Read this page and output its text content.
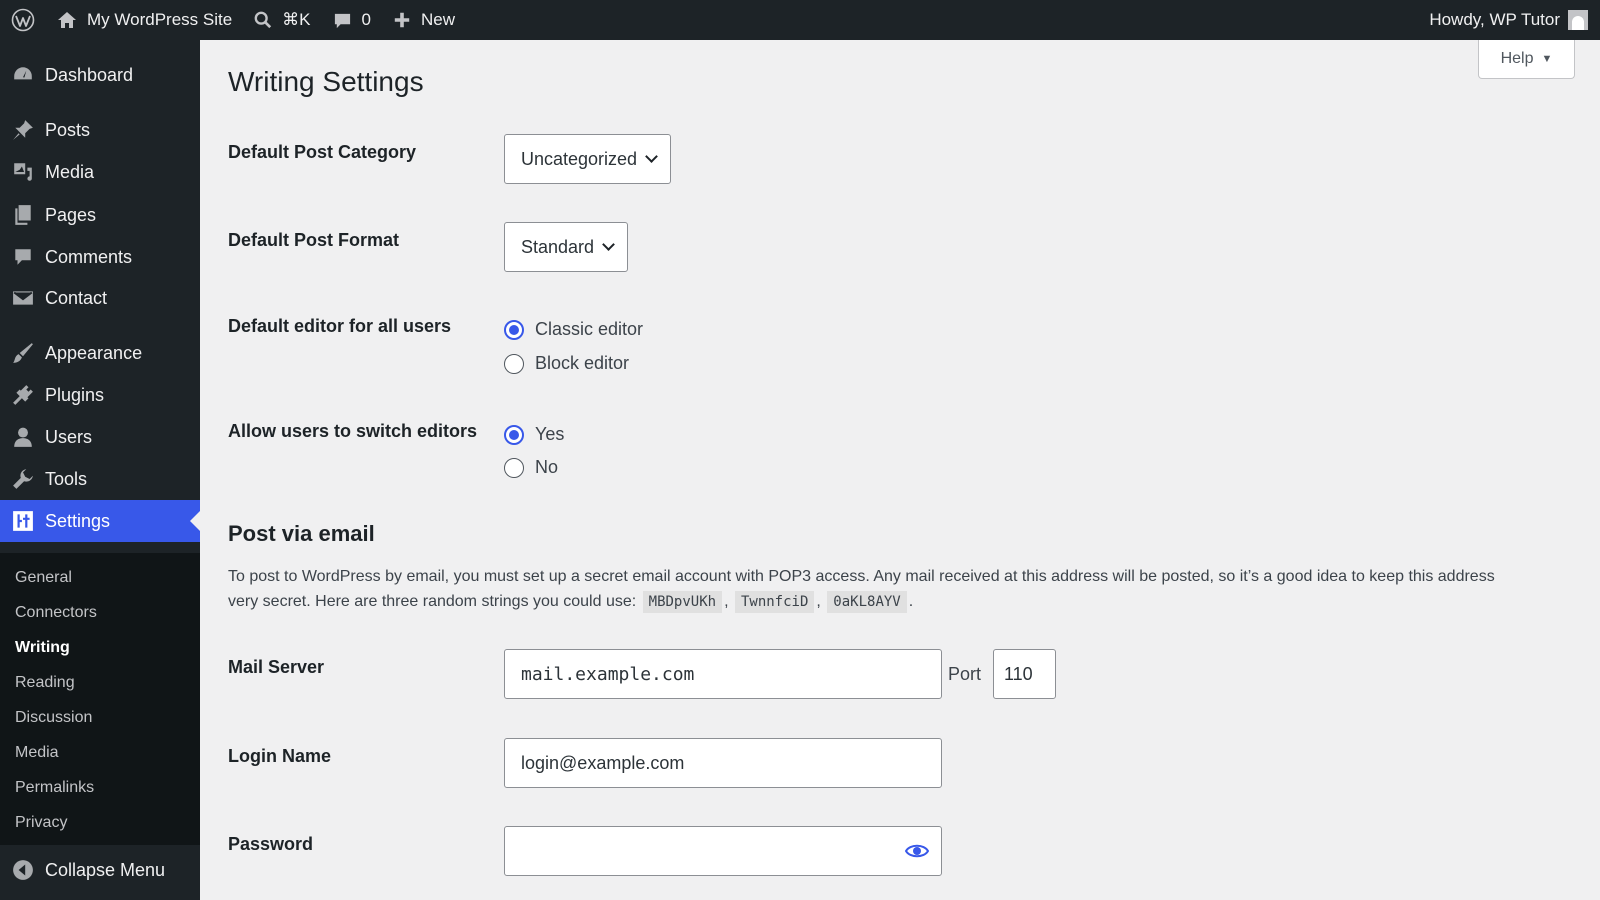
My WordPress Site	⌘K	0	New	Howdy, WP Tutor
Dashboard
Posts
Media
Pages
Comments
Contact
Appearance
Plugins
Users
Tools
Settings
General
Connectors
Writing
Reading
Discussion
Media
Permalinks
Privacy
Collapse Menu
Help ▼
Writing Settings
Default Post Category	Uncategorized
Default Post Format	Standard
Default editor for all users	Classic editor
Block editor
Allow users to switch editors	Yes
No
Post via email

To post to WordPress by email, you must set up a secret email account with POP3 access. Any mail received at this address will be posted, so it’s a good idea to keep this address very secret. Here are three random strings you could use: MBDpvUKh , TwnnfciD , 0aKL8AYV .

Mail Server	mail.example.com	Port	110
Login Name	login@example.com
Password
